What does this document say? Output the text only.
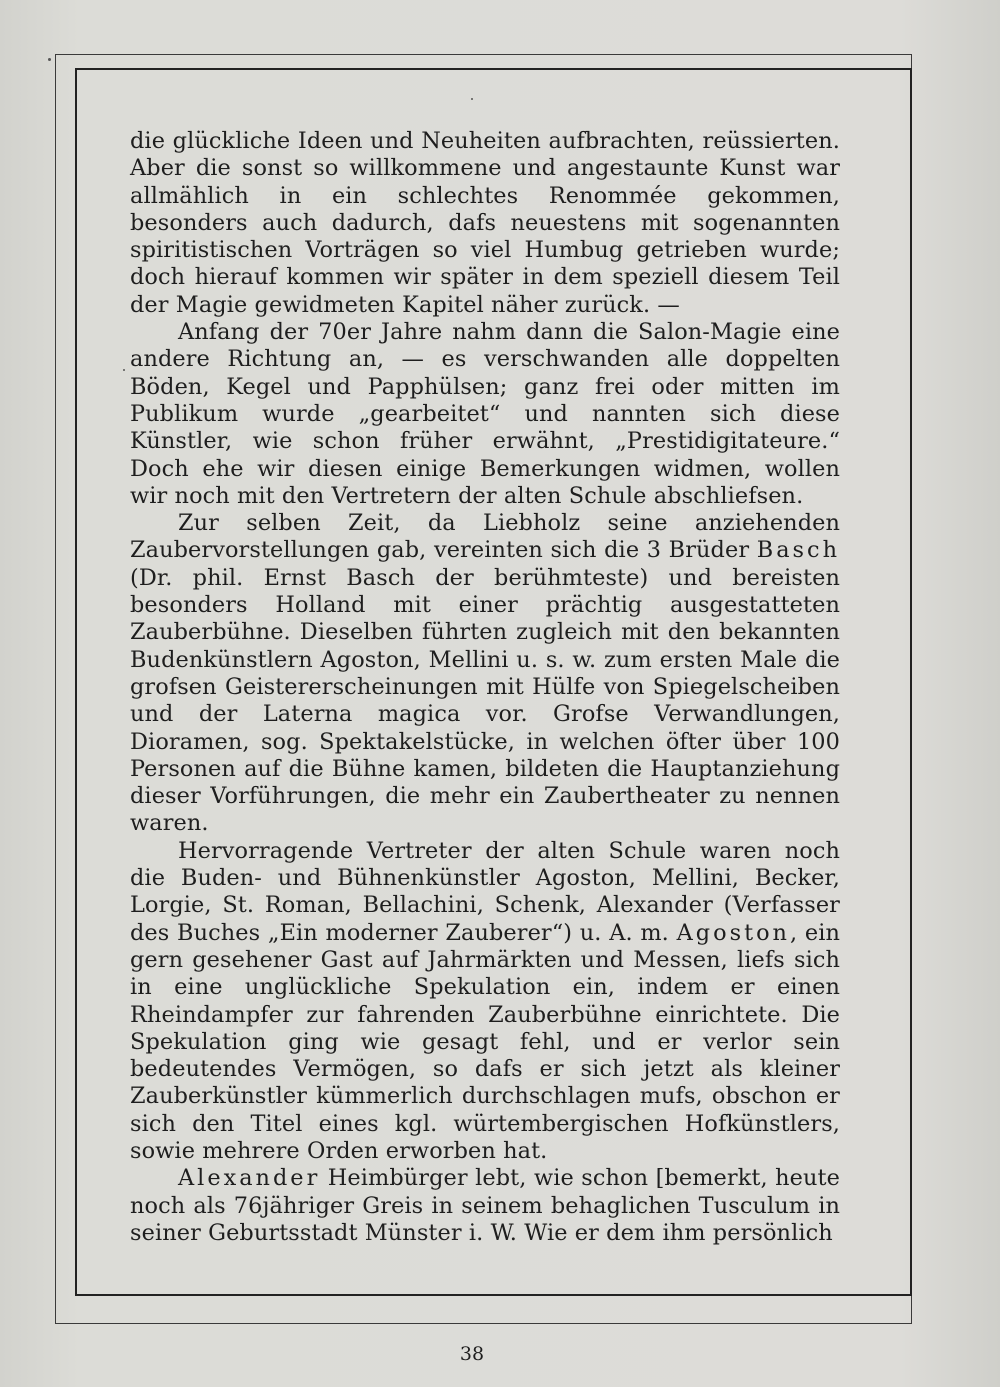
die glückliche Ideen und Neuheiten aufbrachten, reüssierten. Aber die sonst so willkommene und angestaunte Kunst war allmählich in ein schlechtes Renommée gekommen, besonders auch dadurch, dafs neuestens mit sogenannten spiritistischen Vorträgen so viel Humbug getrieben wurde; doch hierauf kommen wir später in dem speziell diesem Teil der Magie gewidmeten Kapitel näher zurück. —

Anfang der 70er Jahre nahm dann die Salon-Magie eine andere Richtung an, — es verschwanden alle doppelten Böden, Kegel und Papphülsen; ganz frei oder mitten im Publikum wurde „gearbeitet“ und nannten sich diese Künstler, wie schon früher erwähnt, „Prestidigitateure.“ Doch ehe wir diesen einige Bemerkungen widmen, wollen wir noch mit den Vertretern der alten Schule abschliefsen.

Zur selben Zeit, da Liebholz seine anziehenden Zaubervorstellungen gab, vereinten sich die 3 Brüder Basch (Dr. phil. Ernst Basch der berühmteste) und bereisten besonders Holland mit einer prächtig ausgestatteten Zauberbühne. Dieselben führten zugleich mit den bekannten Budenkünstlern Agoston, Mellini u. s. w. zum ersten Male die grofsen Geistererscheinungen mit Hülfe von Spiegelscheiben und der Laterna magica vor. Grofse Verwandlungen, Dioramen, sog. Spektakelstücke, in welchen öfter über 100 Personen auf die Bühne kamen, bildeten die Hauptanziehung dieser Vorführungen, die mehr ein Zaubertheater zu nennen waren.

Hervorragende Vertreter der alten Schule waren noch die Buden- und Bühnenkünstler Agoston, Mellini, Becker, Lorgie, St. Roman, Bellachini, Schenk, Alexander (Verfasser des Buches „Ein moderner Zauberer“) u. A. m. Agoston, ein gern gesehener Gast auf Jahrmärkten und Messen, liefs sich in eine unglückliche Spekulation ein, indem er einen Rheindampfer zur fahrenden Zauberbühne einrichtete. Die Spekulation ging wie gesagt fehl, und er verlor sein bedeutendes Vermögen, so dafs er sich jetzt als kleiner Zauberkünstler kümmerlich durchschlagen mufs, obschon er sich den Titel eines kgl. würtembergischen Hofkünstlers, sowie mehrere Orden erworben hat.

Alexander Heimbürger lebt, wie schon [bemerkt, heute noch als 76jähriger Greis in seinem behaglichen Tusculum in seiner Geburtsstadt Münster i. W. Wie er dem ihm persönlich

38
